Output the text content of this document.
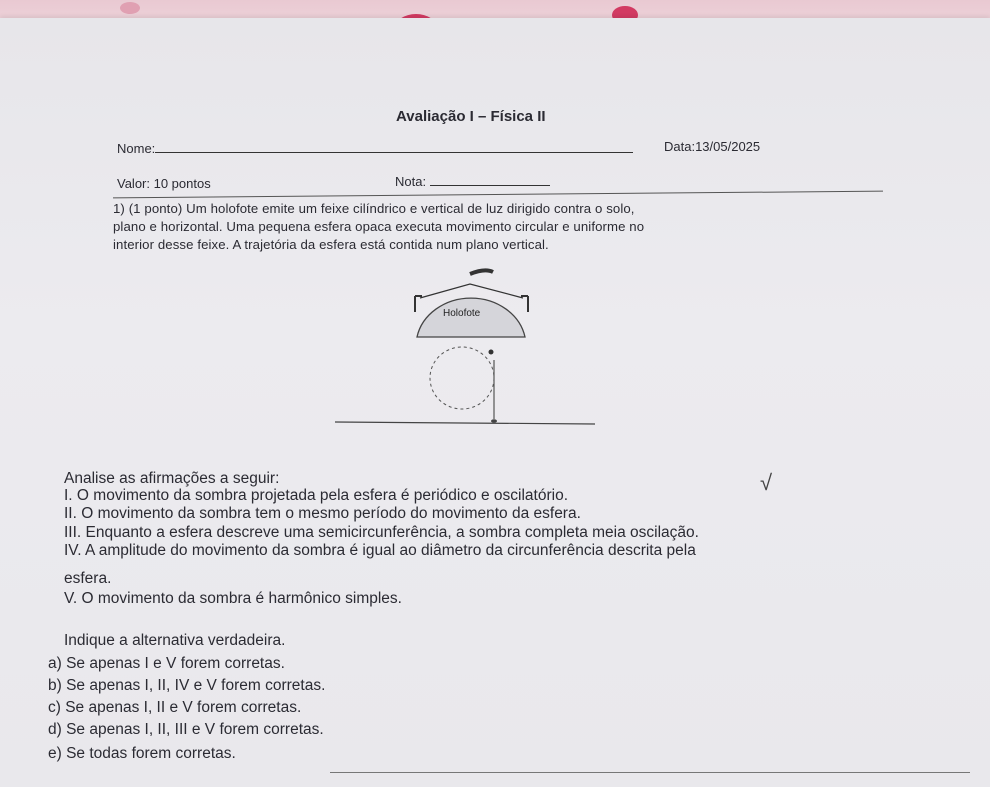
Avaliação I – Física II
Nome:	Data:13/05/2025
Valor: 10 pontos	Nota:
1) (1 ponto) Um holofote emite um feixe cilíndrico e vertical de luz dirigido contra o solo,
plano e horizontal. Uma pequena esfera opaca executa movimento circular e uniforme no
interior desse feixe. A trajetória da esfera está contida num plano vertical.
Holofote
Analise as afirmações a seguir:
I. O movimento da sombra projetada pela esfera é periódico e oscilatório.
II. O movimento da sombra tem o mesmo período do movimento da esfera.
III. Enquanto a esfera descreve uma semicircunferência, a sombra completa meia oscilação.
IV. A amplitude do movimento da sombra é igual ao diâmetro da circunferência descrita pela
esfera.
V. O movimento da sombra é harmônico simples.
√
Indique a alternativa verdadeira.
a) Se apenas I e V forem corretas.
b) Se apenas I, II, IV e V forem corretas.
c) Se apenas I, II e V forem corretas.
d) Se apenas I, II, III e V forem corretas.
e) Se todas forem corretas.
